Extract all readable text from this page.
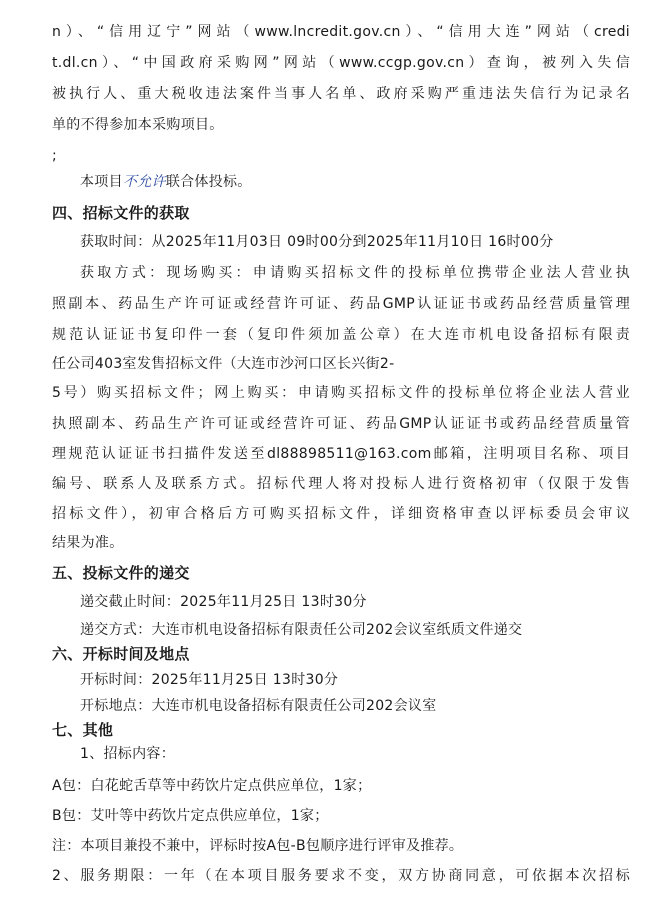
n）、“信用辽宁”网站（www.lncredit.gov.cn）、“信用大连”网站（credi
t.dl.cn）、“中国政府采购网”网站（www.ccgp.gov.cn）查询，被列入失信
被执行人、重大税收违法案件当事人名单、政府采购严重违法失信行为记录名
单的不得参加本采购项目。
;
本项目不允许联合体投标。
四、招标文件的获取
获取时间：从2025年11月03日 09时00分到2025年11月10日 16时00分
获取方式：现场购买：申请购买招标文件的投标单位携带企业法人营业执
照副本、药品生产许可证或经营许可证、药品GMP认证证书或药品经营质量管理
规范认证证书复印件一套（复印件须加盖公章）在大连市机电设备招标有限责
任公司403室发售招标文件（大连市沙河口区长兴街2-
5号）购买招标文件；网上购买：申请购买招标文件的投标单位将企业法人营业
执照副本、药品生产许可证或经营许可证、药品GMP认证证书或药品经营质量管
理规范认证证书扫描件发送至dl88898511@163.com邮箱，注明项目名称、项目
编号、联系人及联系方式。招标代理人将对投标人进行资格初审（仅限于发售
招标文件），初审合格后方可购买招标文件，详细资格审查以评标委员会审议
结果为准。
五、投标文件的递交
递交截止时间：2025年11月25日 13时30分
递交方式：大连市机电设备招标有限责任公司202会议室纸质文件递交
六、开标时间及地点
开标时间：2025年11月25日 13时30分
开标地点：大连市机电设备招标有限责任公司202会议室
七、其他
1、招标内容：
A包：白花蛇舌草等中药饮片定点供应单位，1家；
B包：艾叶等中药饮片定点供应单位，1家；
注：本项目兼投不兼中，评标时按A包-B包顺序进行评审及推荐。
2、服务期限：一年（在本项目服务要求不变，双方协商同意，可依据本次招标
